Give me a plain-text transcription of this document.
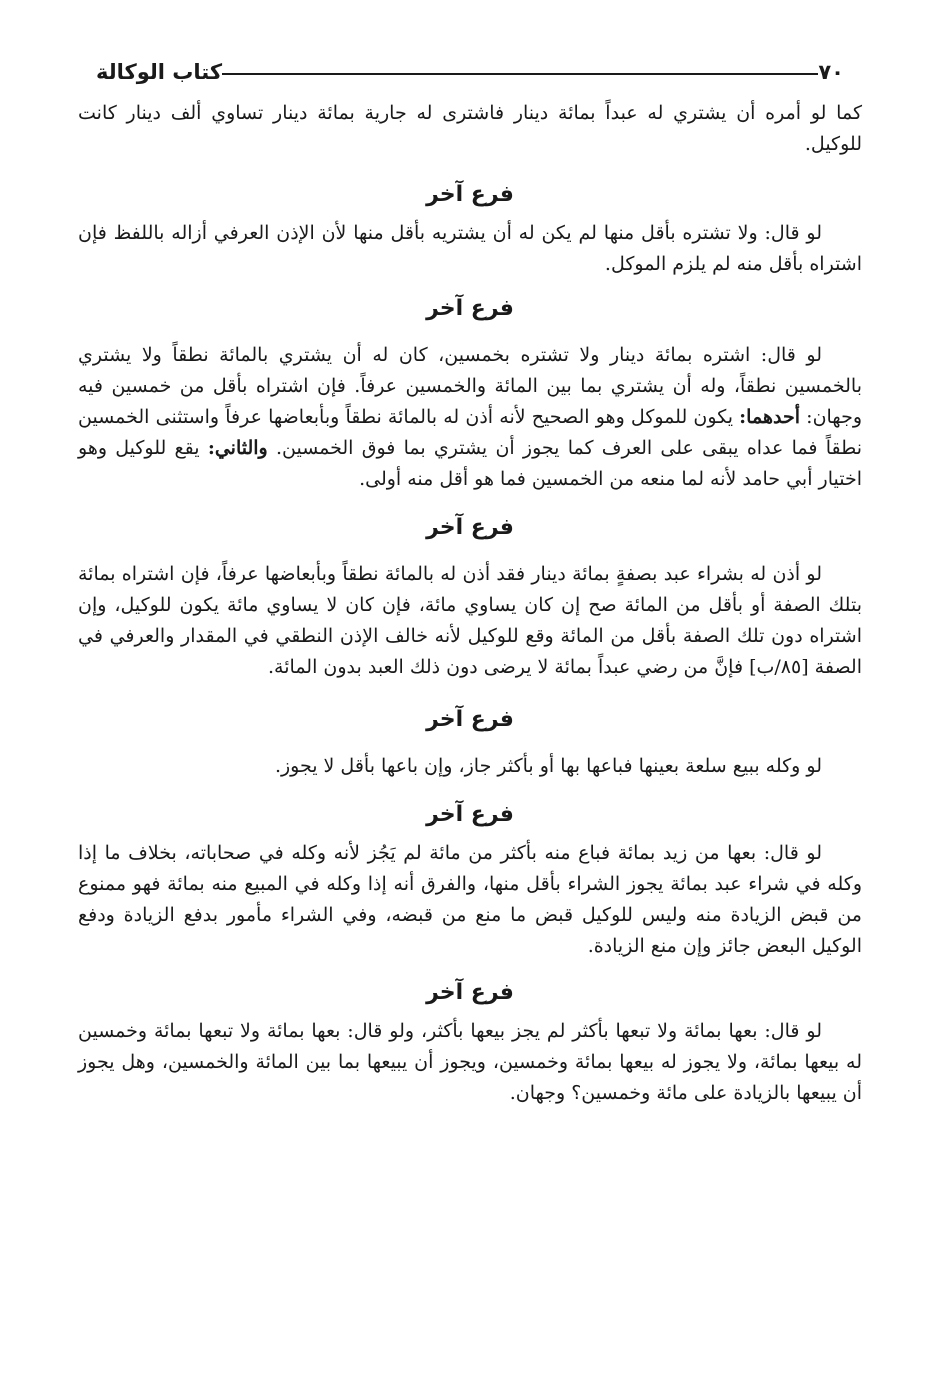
٧٠
كتاب الوكالة

كما لو أمره أن يشتري له عبداً بمائة دينار فاشترى له جارية بمائة دينار تساوي ألف دينار كانت للوكيل.

فرع آخر

لو قال: ولا تشتره بأقل منها لم يكن له أن يشتريه بأقل منها لأن الإذن العرفي أزاله باللفظ فإن اشتراه بأقل منه لم يلزم الموكل.

فرع آخر

لو قال: اشتره بمائة دينار ولا تشتره بخمسين، كان له أن يشتري بالمائة نطقاً ولا يشتري بالخمسين نطقاً، وله أن يشتري بما بين المائة والخمسين عرفاً. فإن اشتراه بأقل من خمسين فيه وجهان: أحدهما: يكون للموكل وهو الصحيح لأنه أذن له بالمائة نطقاً وبأبعاضها عرفاً واستثنى الخمسين نطقاً فما عداه يبقى على العرف كما يجوز أن يشتري بما فوق الخمسين. والثاني: يقع للوكيل وهو اختيار أبي حامد لأنه لما منعه من الخمسين فما هو أقل منه أولى.

فرع آخر

لو أذن له بشراء عبد بصفةٍ بمائة دينار فقد أذن له بالمائة نطقاً وبأبعاضها عرفاً، فإن اشتراه بمائة بتلك الصفة أو بأقل من المائة صح إن كان يساوي مائة، فإن كان لا يساوي مائة يكون للوكيل، وإن اشتراه دون تلك الصفة بأقل من المائة وقع للوكيل لأنه خالف الإذن النطقي في المقدار والعرفي في الصفة [٨٥/ب] فإنَّ من رضي عبداً بمائة لا يرضى دون ذلك العبد بدون المائة.

فرع آخر

لو وكله ببيع سلعة بعينها فباعها بها أو بأكثر جاز، وإن باعها بأقل لا يجوز.

فرع آخر

لو قال: بعها من زيد بمائة فباع منه بأكثر من مائة لم يَجُز لأنه وكله في صحاباته، بخلاف ما إذا وكله في شراء عبد بمائة يجوز الشراء بأقل منها، والفرق أنه إذا وكله في المبيع منه بمائة فهو ممنوع من قبض الزيادة منه وليس للوكيل قبض ما منع من قبضه، وفي الشراء مأمور بدفع الزيادة ودفع الوكيل البعض جائز وإن منع الزيادة.

فرع آخر

لو قال: بعها بمائة ولا تبعها بأكثر لم يجز بيعها بأكثر، ولو قال: بعها بمائة ولا تبعها بمائة وخمسين له بيعها بمائة، ولا يجوز له بيعها بمائة وخمسين، ويجوز أن يبيعها بما بين المائة والخمسين، وهل يجوز أن يبيعها بالزيادة على مائة وخمسين؟ وجهان.
